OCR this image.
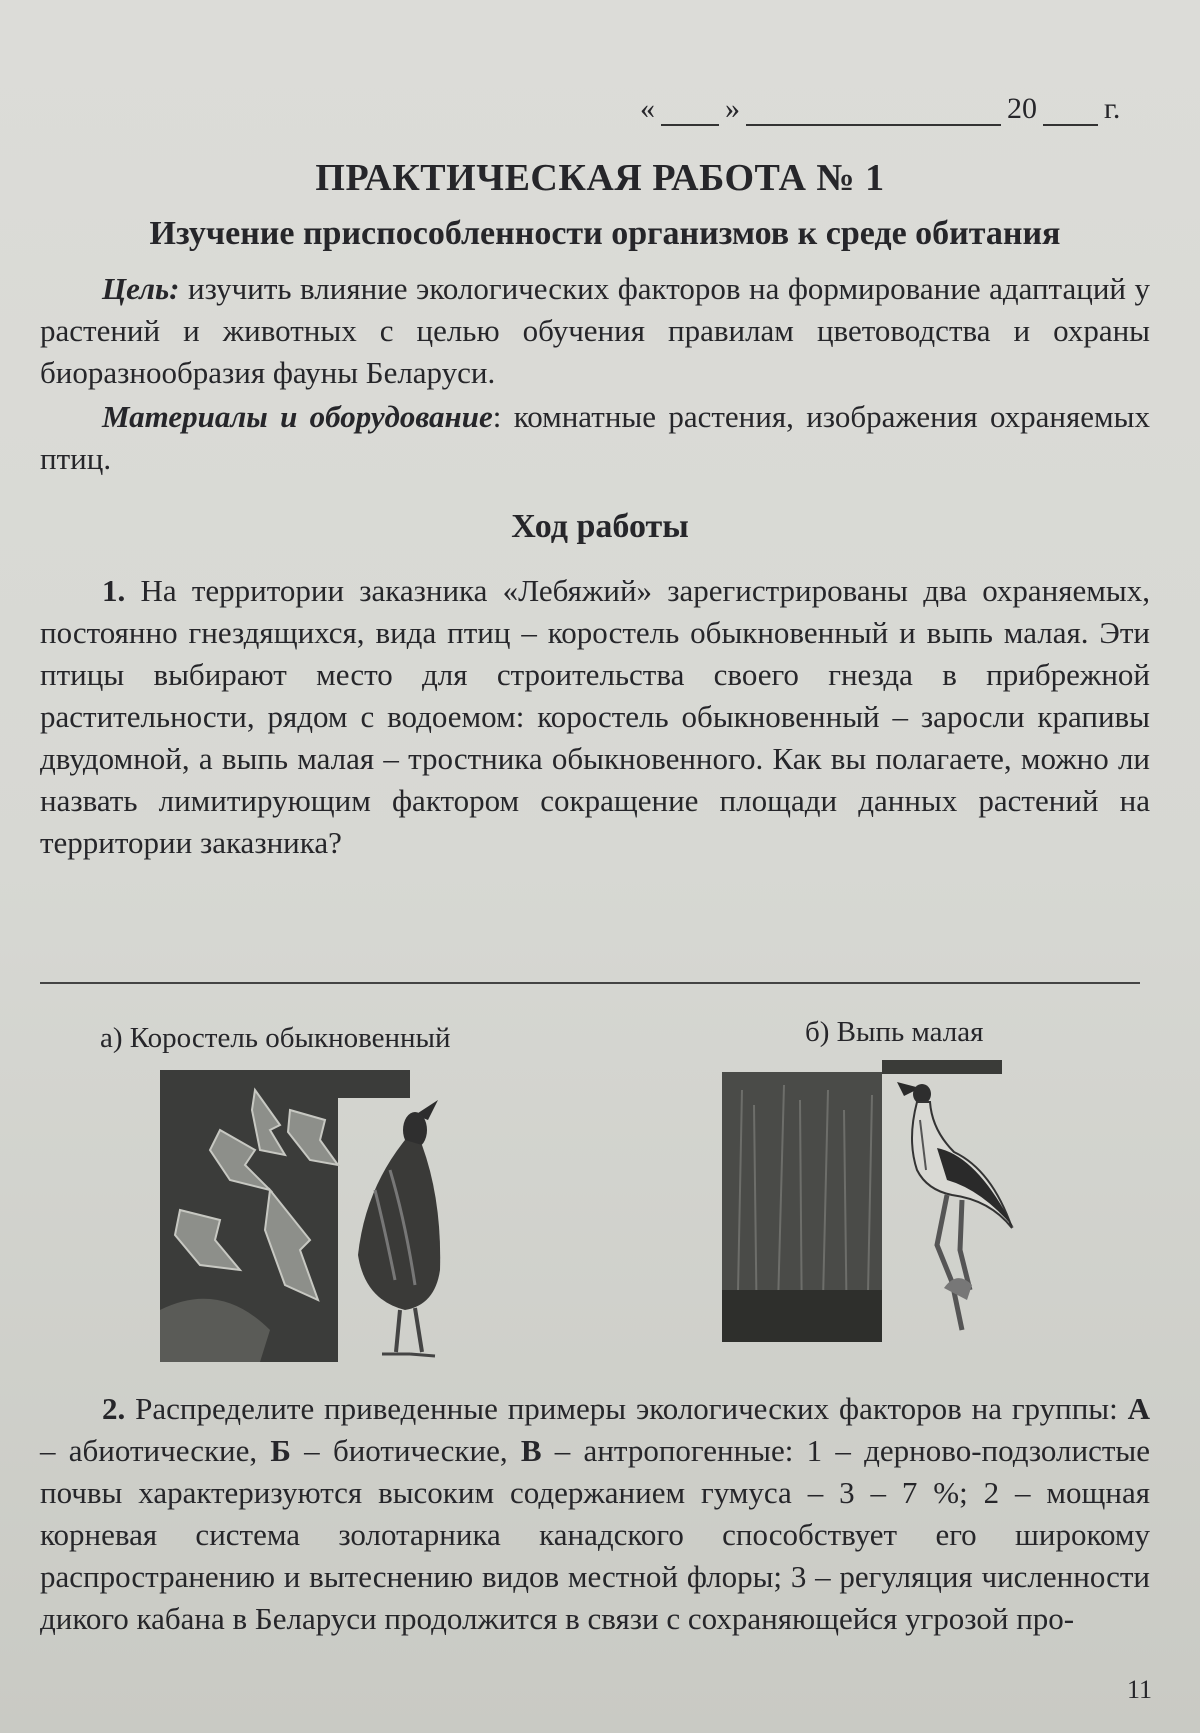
« »	20 г.
ПРАКТИЧЕСКАЯ РАБОТА № 1
Изучение приспособленности организмов к среде обитания
Цель: изучить влияние экологических факторов на формирование адаптаций у растений и животных с целью обучения правилам цветоводства и охраны биоразнообразия фауны Беларуси.
Материалы и оборудование: комнатные растения, изображения охраняемых птиц.
Ход работы
1. На территории заказника «Лебяжий» зарегистрированы два охраняемых, постоянно гнездящихся, вида птиц – коростель обыкновенный и выпь малая. Эти птицы выбирают место для строительства своего гнезда в прибрежной растительности, рядом с водоемом: коростель обыкновенный – заросли крапивы двудомной, а выпь малая – тростника обыкновенного. Как вы полагаете, можно ли назвать лимитирующим фактором сокращение площади данных растений на территории заказника?
а) Коростель обыкновенный	б) Выпь малая
2. Распределите приведенные примеры экологических факторов на группы: А – абиотические, Б – биотические, В – антропогенные: 1 – дерново-подзолистые почвы характеризуются высоким содержанием гумуса – 3 – 7 %; 2 – мощная корневая система золотарника канадского способствует его широкому распространению и вытеснению видов местной флоры; 3 – регуляция численности дикого кабана в Беларуси продолжится в связи с сохраняющейся угрозой про-
11
